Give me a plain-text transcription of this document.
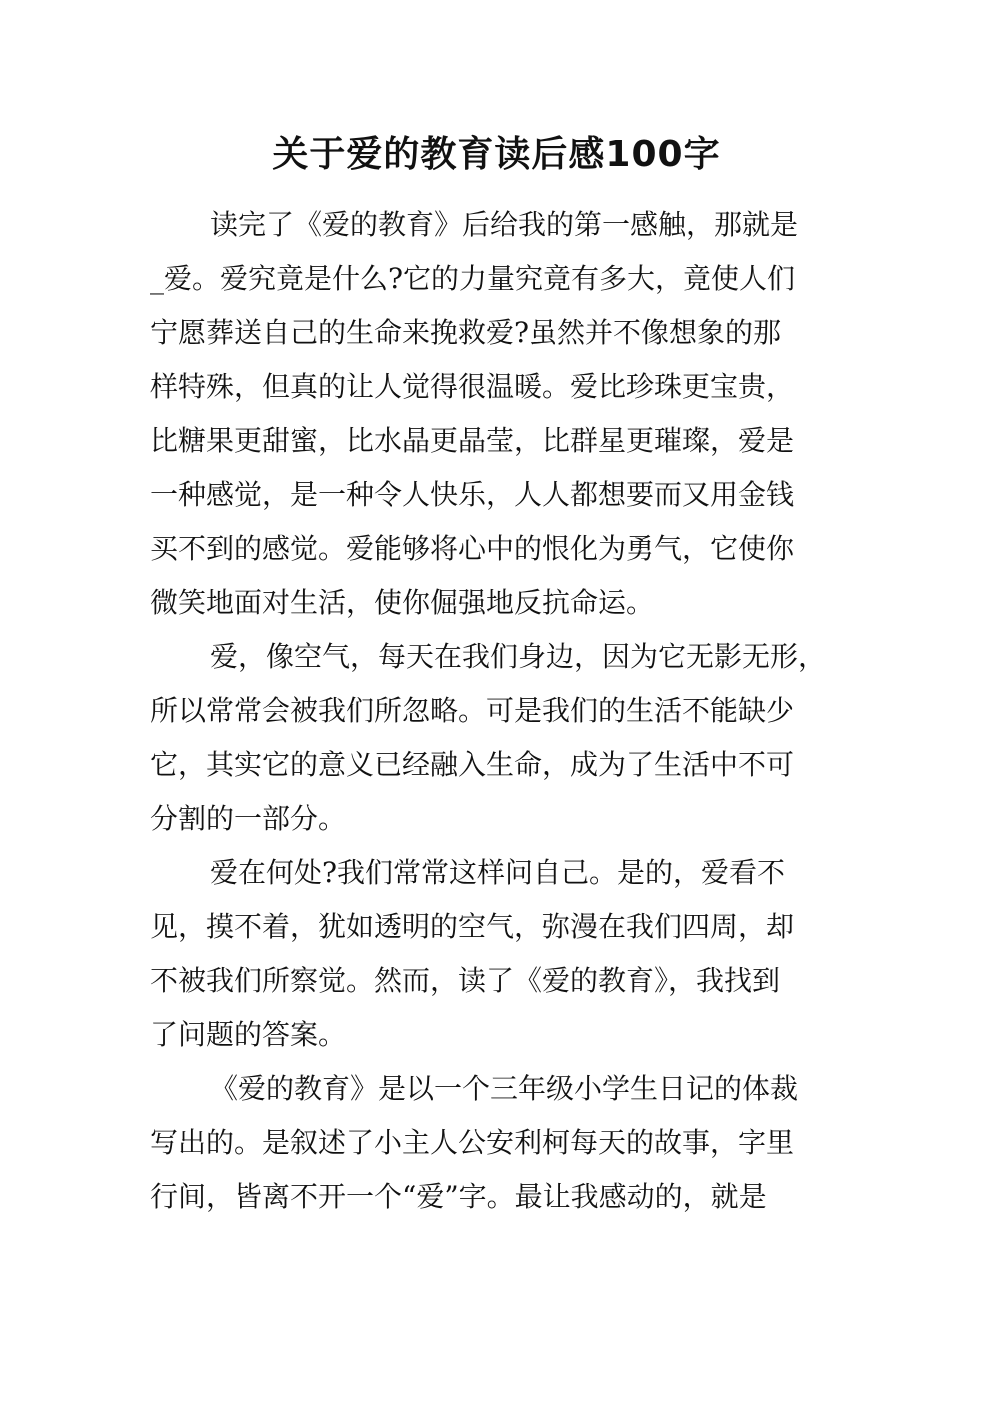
关于爱的教育读后感100字
读完了《爱的教育》后给我的第一感触，那就是
_爱。爱究竟是什么?它的力量究竟有多大，竟使人们
宁愿葬送自己的生命来挽救爱?虽然并不像想象的那
样特殊，但真的让人觉得很温暖。爱比珍珠更宝贵，
比糖果更甜蜜，比水晶更晶莹，比群星更璀璨，爱是
一种感觉，是一种令人快乐，人人都想要而又用金钱
买不到的感觉。爱能够将心中的恨化为勇气，它使你
微笑地面对生活，使你倔强地反抗命运。
爱，像空气，每天在我们身边，因为它无影无形，
所以常常会被我们所忽略。可是我们的生活不能缺少
它，其实它的意义已经融入生命，成为了生活中不可
分割的一部分。
爱在何处?我们常常这样问自己。是的，爱看不
见，摸不着，犹如透明的空气，弥漫在我们四周，却
不被我们所察觉。然而，读了《爱的教育》，我找到
了问题的答案。
《爱的教育》是以一个三年级小学生日记的体裁
写出的。是叙述了小主人公安利柯每天的故事，字里
行间，皆离不开一个“爱”字。最让我感动的，就是
